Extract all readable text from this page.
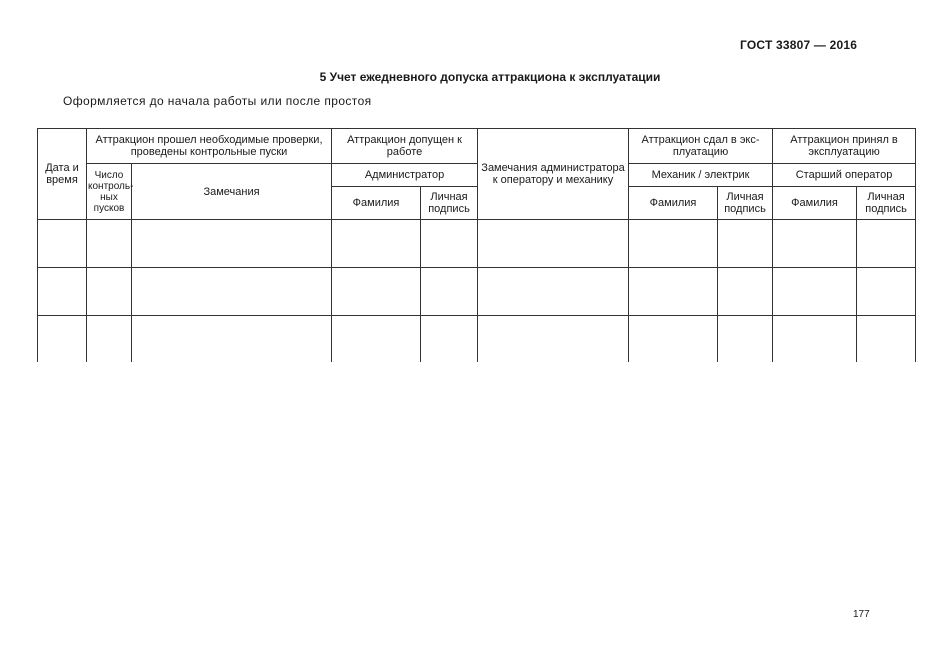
ГОСТ 33807 — 2016
5 Учет ежедневного допуска аттракциона к эксплуатации
Оформляется до начала работы или после простоя
Дата и время	Аттракцион прошел необходимые проверки, проведены контрольные пуски		Аттракцион допущен к работе		Замечания администратора к оператору и механику	Аттракцион сдал в эксплуатацию		Аттракцион принял в эксплуатацию	
	Число контрольных пусков	Замечания	Администратор			Механик / электрик		Старший оператор	
			Фамилия	Личная подпись		Фамилия	Личная подпись	Фамилия	Личная подпись

177
